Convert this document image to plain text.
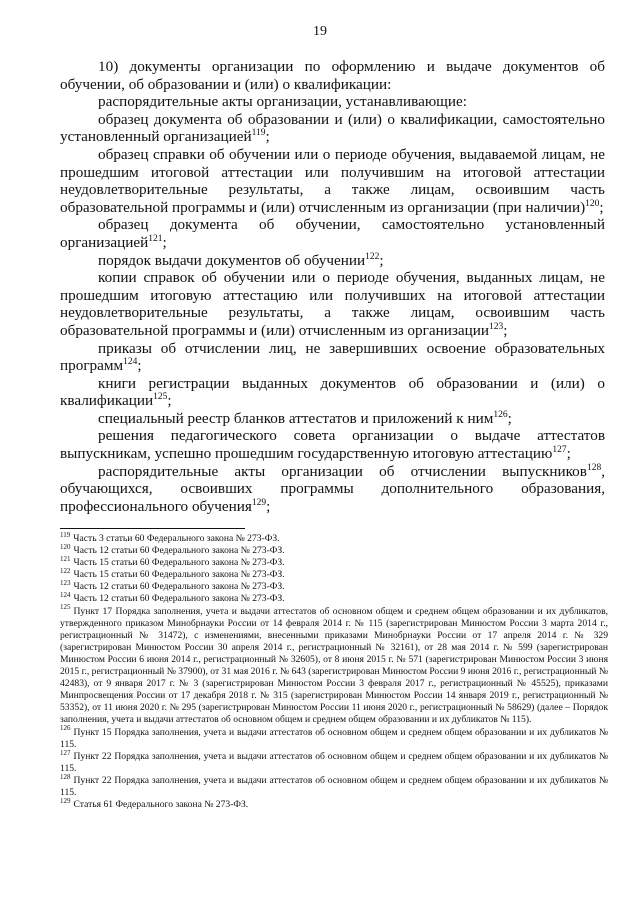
19

10) документы организации по оформлению и выдаче документов об обучении, об образовании и (или) о квалификации:

распорядительные акты организации, устанавливающие:

образец документа об образовании и (или) о квалификации, самостоятельно установленный организацией$^{119}$;

образец справки об обучении или о периоде обучения, выдаваемой лицам, не прошедшим итоговой аттестации или получившим на итоговой аттестации неудовлетворительные результаты, а также лицам, освоившим часть образовательной программы и (или) отчисленным из организации (при наличии)$^{120}$;

образец документа об обучении, самостоятельно установленный организацией$^{121}$;

порядок выдачи документов об обучении$^{122}$;

копии справок об обучении или о периоде обучения, выданных лицам, не прошедшим итоговую аттестацию или получивших на итоговой аттестации неудовлетворительные результаты, а также лицам, освоившим часть образовательной программы и (или) отчисленным из организации$^{123}$;

приказы об отчислении лиц, не завершивших освоение образовательных программ$^{124}$;

книги регистрации выданных документов об образовании и (или) о квалификации$^{125}$;

специальный реестр бланков аттестатов и приложений к ним$^{126}$;

решения педагогического совета организации о выдаче аттестатов выпускникам, успешно прошедшим государственную итоговую аттестацию$^{127}$;

распорядительные акты организации об отчислении выпускников$^{128}$, обучающихся, освоивших программы дополнительного образования, профессионального обучения$^{129}$;

$^{119}$ Часть 3 статьи 60 Федерального закона № 273-ФЗ.

$^{120}$ Часть 12 статьи 60 Федерального закона № 273-ФЗ.

$^{121}$ Часть 15 статьи 60 Федерального закона № 273-ФЗ.

$^{122}$ Часть 15 статьи 60 Федерального закона № 273-ФЗ.

$^{123}$ Часть 12 статьи 60 Федерального закона № 273-ФЗ.

$^{124}$ Часть 12 статьи 60 Федерального закона № 273-ФЗ.

$^{125}$ Пункт 17 Порядка заполнения, учета и выдачи аттестатов об основном общем и среднем общем образовании и их дубликатов, утвержденного приказом Минобрнауки России от 14 февраля 2014 г. № 115 (зарегистрирован Минюстом России 3 марта 2014 г., регистрационный № 31472), с изменениями, внесенными приказами Минобрнауки России от 17 апреля 2014 г. № 329 (зарегистрирован Минюстом России 30 апреля 2014 г., регистрационный № 32161), от 28 мая 2014 г. № 599 (зарегистрирован Минюстом России 6 июня 2014 г., регистрационный № 32605), от 8 июня 2015 г. № 571 (зарегистрирован Минюстом России 3 июня 2015 г., регистрационный № 37900), от 31 мая 2016 г. № 643 (зарегистрирован Минюстом России 9 июня 2016 г., регистрационный № 42483), от 9 января 2017 г. № 3 (зарегистрирован Минюстом России 3 февраля 2017 г., регистрационный № 45525), приказами Минпросвещения России от 17 декабря 2018 г. № 315 (зарегистрирован Минюстом России 14 января 2019 г., регистрационный № 53352), от 11 июня 2020 г. № 295 (зарегистрирован Минюстом России 11 июня 2020 г., регистрационный № 58629) (далее – Порядок заполнения, учета и выдачи аттестатов об основном общем и среднем общем образовании и их дубликатов № 115).

$^{126}$ Пункт 15 Порядка заполнения, учета и выдачи аттестатов об основном общем и среднем общем образовании и их дубликатов № 115.

$^{127}$ Пункт 22 Порядка заполнения, учета и выдачи аттестатов об основном общем и среднем общем образовании и их дубликатов № 115.

$^{128}$ Пункт 22 Порядка заполнения, учета и выдачи аттестатов об основном общем и среднем общем образовании и их дубликатов № 115.

$^{129}$ Статья 61 Федерального закона № 273-ФЗ.
